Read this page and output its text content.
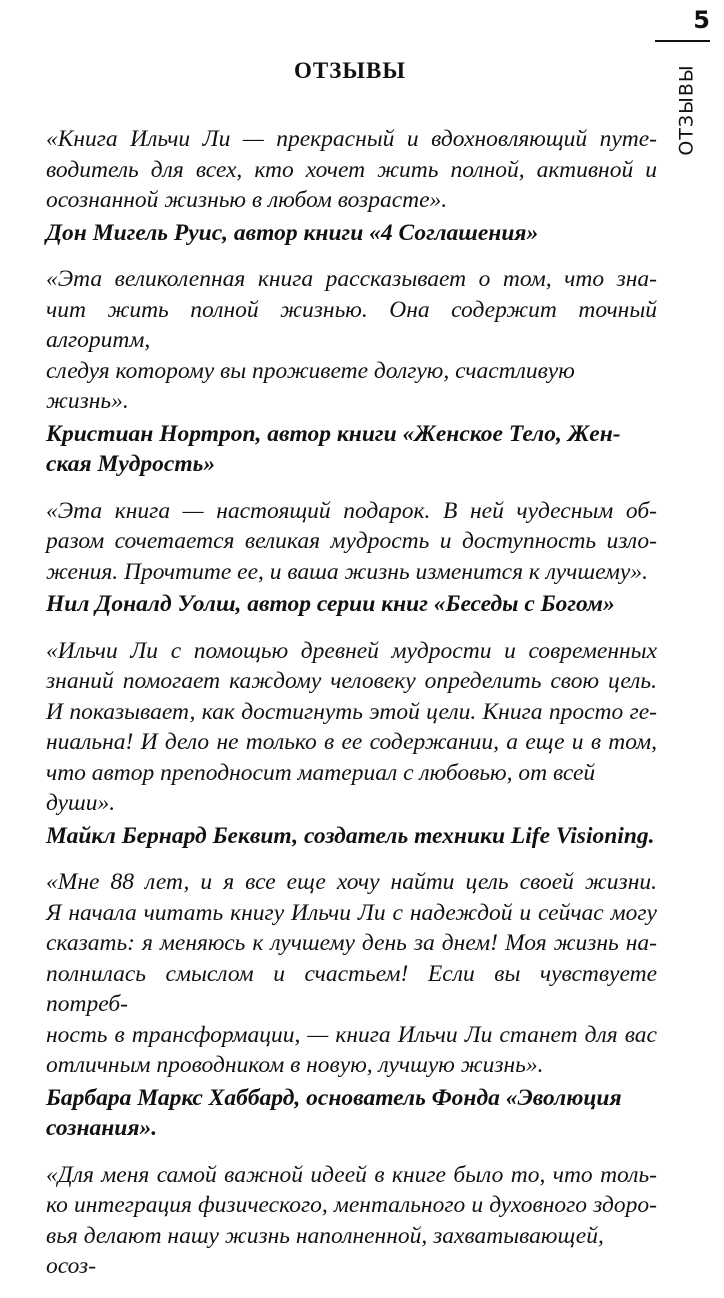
5
ОТЗЫВЫ
ОТЗЫВЫ
«Книга Ильчи Ли — прекрасный и вдохновляющий путе-
водитель для всех, кто хочет жить полной, активной и
осознанной жизнью в любом возрасте».
Дон Мигель Руис, автор книги «4 Соглашения»
«Эта великолепная книга рассказывает о том, что зна-
чит жить полной жизнью. Она содержит точный алгоритм,
следуя которому вы проживете долгую, счастливую жизнь».
Кристиан Нортроп, автор книги «Женское Тело, Жен-
ская Мудрость»
«Эта книга — настоящий подарок. В ней чудесным об-
разом сочетается великая мудрость и доступность изло-
жения. Прочтите ее, и ваша жизнь изменится к лучшему».
Нил Доналд Уолш, автор серии книг «Беседы с Богом»
«Ильчи Ли с помощью древней мудрости и современных
знаний помогает каждому человеку определить свою цель.
И показывает, как достигнуть этой цели. Книга просто ге-
ниальна! И дело не только в ее содержании, а еще и в том,
что автор преподносит материал с любовью, от всей души».
Майкл Бернард Беквит, создатель техники Life Visioning.
«Мне 88 лет, и я все еще хочу найти цель своей жизни.
Я начала читать книгу Ильчи Ли с надеждой и сейчас могу
сказать: я меняюсь к лучшему день за днем! Моя жизнь на-
полнилась смыслом и счастьем! Если вы чувствуете потреб-
ность в трансформации, — книга Ильчи Ли станет для вас
отличным проводником в новую, лучшую жизнь».
Барбара Маркс Хаббард, основатель Фонда «Эволюция
сознания».
«Для меня самой важной идеей в книге было то, что толь-
ко интеграция физического, ментального и духовного здоро-
вья делают нашу жизнь наполненной, захватывающей, осоз-
